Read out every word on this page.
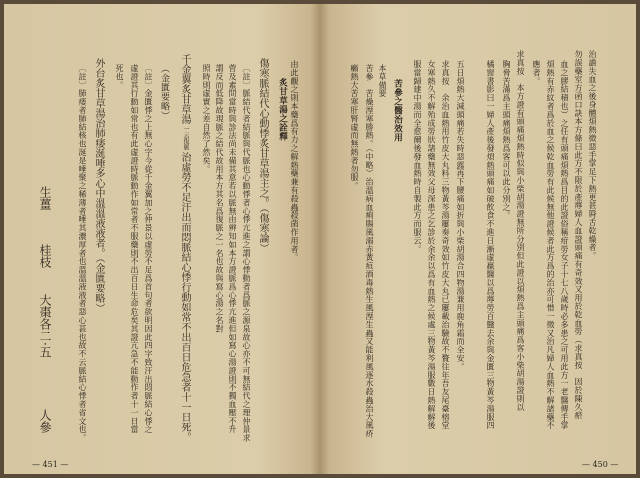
由此觀之則本藥爲有力之解熱藥兼有殺蟲殺菌作用者。
炙甘草湯之詮釋
傷寒脈結代心動悸炙甘草湯主之。（傷寒論）
〔註〕脈結代者結脈與代脈也心動悸者心悸亢進之謂心悸動者爲脈之源泉故心亦不可無結代之理仲景求
菅及素問當時與診法尚未備其意若以脈無由辨知如本方證脈爲心悸亢進但如寫心湯證則不獨血壓不升
謂反而低降故現脈之結代故用本方其名爲復脈之一名也故與寫心湯之名對
照時則虛實之差自然了然矣。
千金翼炙甘草湯
一云復脈
治虛勞不足汗出而悶脈結心悸行動如常不出百日危急者十一日死。
（金匱要略）
〔註〕金匱悸之上無心字今從千金翼加之仲景以虛勞不足爲首句者欲明因此四字致汗出悶脈結心悸之
虛證其行動如常也有此虛證時脈動作如常者不服藥則不出百日生命危矣其證亢急不能動作者十一日當
死也。
外台炙甘草湯治肺痿涎唾多心中溫溫液液者。（金匱要略）
〔註〕肺痿者肺結核也涎是唾聚之稀薄者唾其濃厚者也溫溫液液者惡心甚也故不云脈結心悸者省文也。
生薑
桂枝
大棗各二·五
人參
— 451 —
治譫失血之後身體煩熱微惡手掌足下熱更甚脣舌乾燥者。
勿誤藥室方函口訣本方條曰此方不限於產蓐婦人血證頭痛有奇效又用於乾血勞（求真按　因於陳久瘀
血之膠結積也）之任有頭痛煩熱爲目的此證俗稱疳勞女子十七八歲時必多患之可用此方一老醫傳手掌
煩熱有赤紋者爲於血之候乾血勞有此候無他證候者此方爲的治亦可惜一徵又治凡婦人血熱不解諸藥不
應者。
求真按　本方證有頭痛煩熱時似與小柴胡湯證無所分別但此證以煩熱爲主頭痛爲客小柴胡湯證則以
胸脅苦滿爲主頭痛煩熱爲客可以此分別之。
橘窗書影曰一婦人產後發煩熱頭痛如破飲食不進日漸虛羸醫以爲蓐勞百醫去余與金匱三物黃芩湯服四
五日煩熱大減頭痛若失時惡露再下腰痛如折與小柴胡湯合四物湯兼用鹿角霜而全安。
求真按　余治血熱用竹皮大丸料三物黃芩湯屢奏奇效如竹皮大丸已屢載治驗故不贅往年吾友尾臺榕堂
女寒熱久不解殆成勞狀諸藥無效父母深患之乞診於余余以爲有血熱之候處三物黃芩湯服數日熱解解後
服當歸建中湯而全愈爾後發血熱時自製此方而服云。
苦參之醫治效用
本草備要
苦參　苦燥溼寒勝熱。（中略）治溫病血痢腸風溺赤黃疸酒毒熱生風溼生蟲又能利風逐水殺蟲治大風疥
癩熱大苦寒肝腎虛而無熱者勿服。
— 450 —
